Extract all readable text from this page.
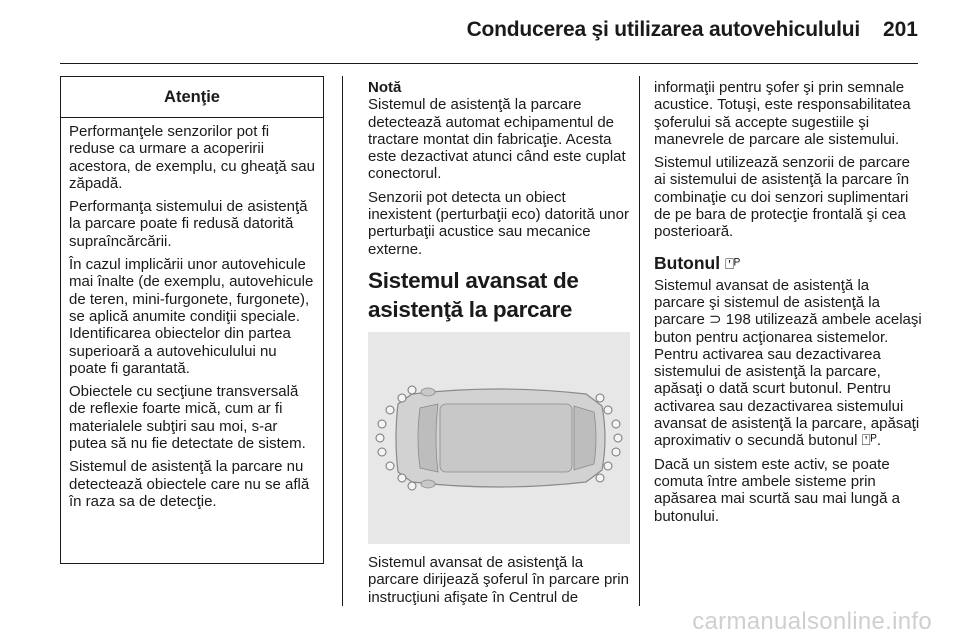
Conducerea şi utilizarea autovehiculului 201
Atenţie

Performanţele senzorilor pot fi reduse ca urmare a acoperirii acestora, de exemplu, cu gheaţă sau zăpadă.

Performanţa sistemului de asistenţă la parcare poate fi redusă datorită supraîncărcării.

În cazul implicării unor autovehicule mai înalte (de exemplu, autovehicule de teren, mini-furgonete, furgonete), se aplică anumite condiţii speciale. Identificarea obiectelor din partea superioară a autovehiculului nu poate fi garantată.

Obiectele cu secţiune transversală de reflexie foarte mică, cum ar fi materialele subţiri sau moi, s-ar putea să nu fie detectate de sistem.

Sistemul de asistenţă la parcare nu detectează obiectele care nu se află în raza sa de detecţie.

Notă

Sistemul de asistenţă la parcare detectează automat echipamentul de tractare montat din fabricaţie. Acesta este dezactivat atunci când este cuplat conectorul.

Senzorii pot detecta un obiect inexistent (perturbaţii eco) datorită unor perturbaţii acustice sau mecanice externe.

Sistemul avansat de asistenţă la parcare

Sistemul avansat de asistenţă la parcare dirijează şoferul în parcare prin instrucţiuni afişate în Centrul de

informaţii pentru şofer şi prin semnale acustice. Totuşi, este responsabilitatea şoferului să accepte sugestiile şi manevrele de parcare ale sistemului.

Sistemul utilizează senzorii de parcare ai sistemului de asistenţă la parcare în combinaţie cu doi senzori suplimentari de pe bara de protecţie frontală şi cea posterioară.

Butonul ⍞ᴾ

Sistemul avansat de asistenţă la parcare şi sistemul de asistenţă la parcare ⊃ 198 utilizează ambele acelaşi buton pentru acţionarea sistemelor. Pentru activarea sau dezactivarea sistemului de asistenţă la parcare, apăsaţi o dată scurt butonul. Pentru activarea sau dezactivarea sistemului avansat de asistenţă la parcare, apăsaţi aproximativ o secundă butonul ⍞ᴾ.

Dacă un sistem este activ, se poate comuta între ambele sisteme prin apăsarea mai scurtă sau mai lungă a butonului.

carmanualsonline.info
